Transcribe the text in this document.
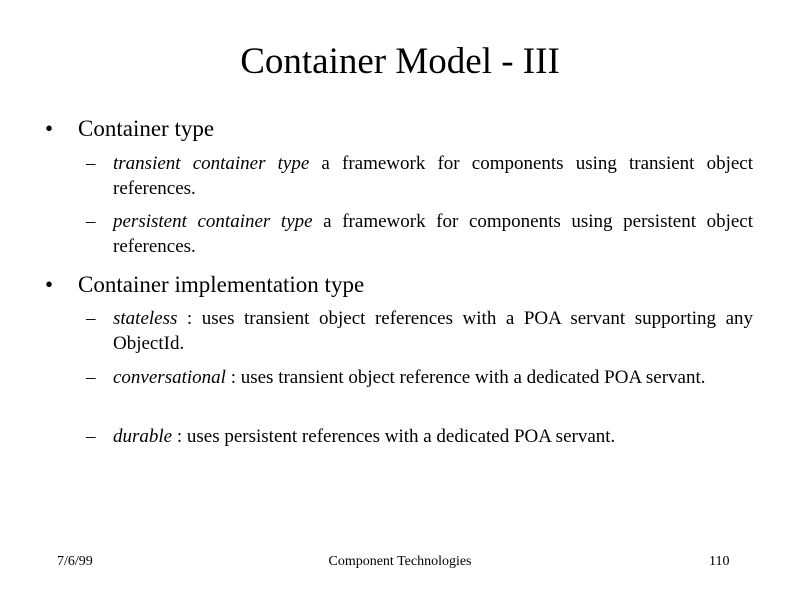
Container Model - III
• Container type
– transient container type a framework for components using transient object references.
– persistent container type a framework for components using persistent object references.
• Container implementation type
– stateless : uses transient object references with a POA servant supporting any ObjectId.
– conversational : uses transient object reference with a dedicated POA servant.
– durable : uses persistent references with a dedicated POA servant.
7/6/99	Component Technologies	110
